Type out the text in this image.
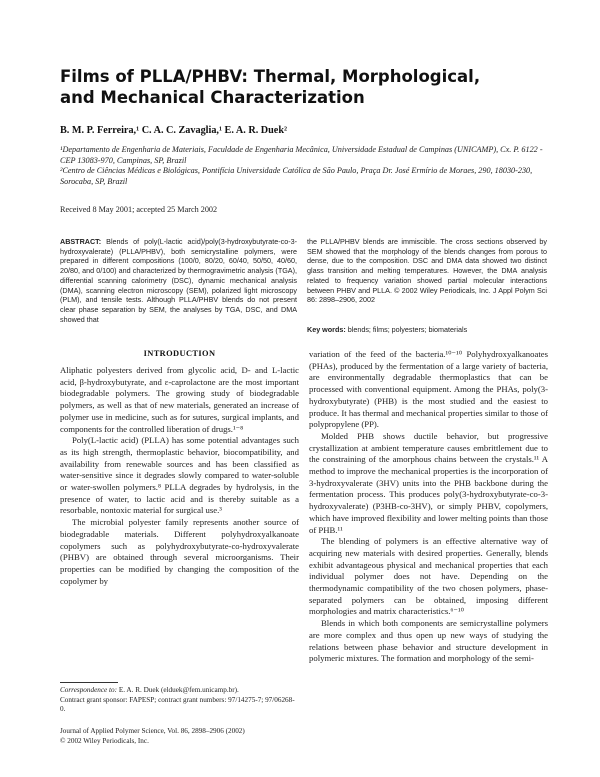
Films of PLLA/PHBV: Thermal, Morphological,
and Mechanical Characterization
B. M. P. Ferreira,¹ C. A. C. Zavaglia,¹ E. A. R. Duek²
¹Departamento de Engenharia de Materiais, Faculdade de Engenharia Mecânica, Universidade Estadual de Campinas (UNICAMP), Cx. P. 6122 - CEP 13083-970, Campinas, SP, Brazil
²Centro de Ciências Médicas e Biológicas, Pontifícia Universidade Católica de São Paulo, Praça Dr. José Ermírio de Moraes, 290, 18030-230, Sorocaba, SP, Brazil
Received 8 May 2001; accepted 25 March 2002
ABSTRACT: Blends of poly(L-lactic acid)/poly(3-hydroxybutyrate-co-3-hydroxyvalerate) (PLLA/PHBV), both semicrystalline polymers, were prepared in different compositions (100/0, 80/20, 60/40, 50/50, 40/60, 20/80, and 0/100) and characterized by thermogravimetric analysis (TGA), differential scanning calorimetry (DSC), dynamic mechanical analysis (DMA), scanning electron microscopy (SEM), polarized light microscopy (PLM), and tensile tests. Although PLLA/PHBV blends do not present clear phase separation by SEM, the analyses by TGA, DSC, and DMA showed that
the PLLA/PHBV blends are immiscible. The cross sections observed by SEM showed that the morphology of the blends changes from porous to dense, due to the composition. DSC and DMA data showed two distinct glass transition and melting temperatures. However, the DMA analysis related to frequency variation showed partial molecular interactions between PHBV and PLLA. © 2002 Wiley Periodicals, Inc. J Appl Polym Sci 86: 2898–2906, 2002
Key words: blends; films; polyesters; biomaterials
INTRODUCTION

Aliphatic polyesters derived from glycolic acid, D- and L-lactic acid, β-hydroxybutyrate, and ε-caprolactone are the most important biodegradable polymers. The growing study of biodegradable polymers, as well as that of new materials, generated an increase of polymer use in medicine, such as for sutures, surgical implants, and components for the controlled liberation of drugs.¹⁻⁸

Poly(L-lactic acid) (PLLA) has some potential advantages such as its high strength, thermoplastic behavior, biocompatibility, and availability from renewable sources and has been classified as water-sensitive since it degrades slowly compared to water-soluble or water-swollen polymers.⁸ PLLA degrades by hydrolysis, in the presence of water, to lactic acid and is thereby suitable as a resorbable, nontoxic material for surgical use.³

The microbial polyester family represents another source of biodegradable materials. Different polyhydroxyalkanoate copolymers such as polyhydroxybutyrate-co-hydroxyvalerate (PHBV) are obtained through several microorganisms. Their properties can be modified by changing the composition of the copolymer by

variation of the feed of the bacteria.¹⁰⁻¹⁰ Polyhydroxyalkanoates (PHAs), produced by the fermentation of a large variety of bacteria, are environmentally degradable thermoplastics that can be processed with conventional equipment. Among the PHAs, poly(3-hydroxybutyrate) (PHB) is the most studied and the easiest to produce. It has thermal and mechanical properties similar to those of polypropylene (PP).

Molded PHB shows ductile behavior, but progressive crystallization at ambient temperature causes embrittlement due to the constraining of the amorphous chains between the crystals.¹¹ A method to improve the mechanical properties is the incorporation of 3-hydroxyvalerate (3HV) units into the PHB backbone during the fermentation process. This produces poly(3-hydroxybutyrate-co-3-hydroxyvalerate) (P3HB-co-3HV), or simply PHBV, copolymers, which have improved flexibility and lower melting points than those of PHB.¹¹

The blending of polymers is an effective alternative way of acquiring new materials with desired properties. Generally, blends exhibit advantageous physical and mechanical properties that each individual polymer does not have. Depending on the thermodynamic compatibility of the two chosen polymers, phase-separated polymers can be obtained, imposing different morphologies and matrix characteristics.⁶⁻¹⁰

Blends in which both components are semicrystalline polymers are more complex and thus open up new ways of studying the relations between phase behavior and structure development in polymeric mixtures. The formation and morphology of the semi-

Correspondence to: E. A. R. Duek (elduek@fem.unicamp.br).
Contract grant sponsor: FAPESP; contract grant numbers: 97/14275-7; 97/06268-0.
Journal of Applied Polymer Science, Vol. 86, 2898–2906 (2002)
© 2002 Wiley Periodicals, Inc.
